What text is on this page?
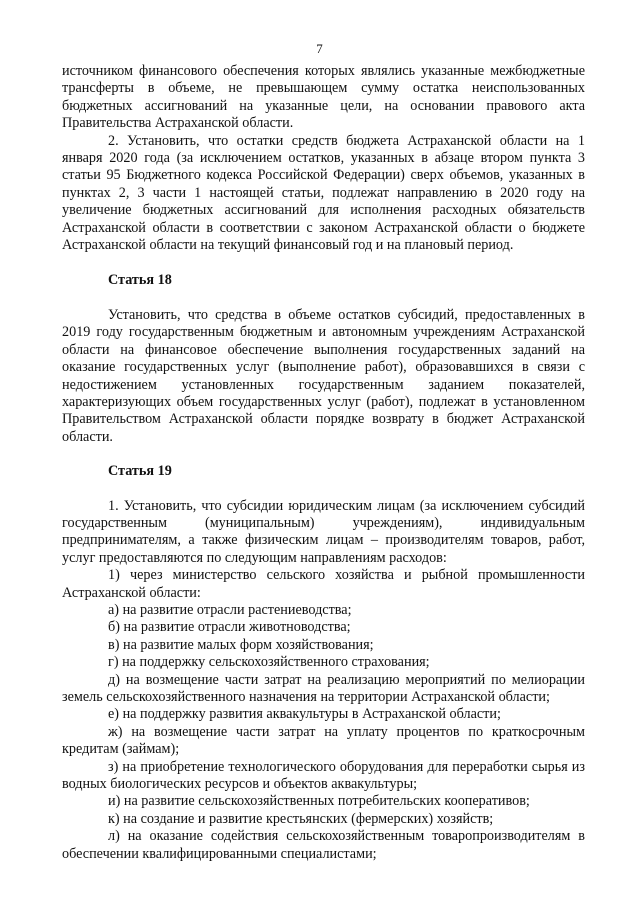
7

источником финансового обеспечения которых являлись указанные межбюджетные трансферты в объеме, не превышающем сумму остатка неиспользованных бюджетных ассигнований на указанные цели, на основании правового акта Правительства Астраханской области.

2. Установить, что остатки средств бюджета Астраханской области на 1 января 2020 года (за исключением остатков, указанных в абзаце втором пункта 3 статьи 95 Бюджетного кодекса Российской Федерации) сверх объемов, указанных в пунктах 2, 3 части 1 настоящей статьи, подлежат направлению в 2020 году на увеличение бюджетных ассигнований для исполнения расходных обязательств Астраханской области в соответствии с законом Астраханской области о бюджете Астраханской области на текущий финансовый год и на плановый период.

Статья 18

Установить, что средства в объеме остатков субсидий, предоставленных в 2019 году государственным бюджетным и автономным учреждениям Астраханской области на финансовое обеспечение выполнения государственных заданий на оказание государственных услуг (выполнение работ), образовавшихся в связи с недостижением установленных государственным заданием показателей, характеризующих объем государственных услуг (работ), подлежат в установленном Правительством Астраханской области порядке возврату в бюджет Астраханской области.

Статья 19

1. Установить, что субсидии юридическим лицам (за исключением субсидий государственным (муниципальным) учреждениям), индивидуальным предпринимателям, а также физическим лицам – производителям товаров, работ, услуг предоставляются по следующим направлениям расходов:

1) через министерство сельского хозяйства и рыбной промышленности Астраханской области:

а) на развитие отрасли растениеводства;

б) на развитие отрасли животноводства;

в) на развитие малых форм хозяйствования;

г) на поддержку сельскохозяйственного страхования;

д) на возмещение части затрат на реализацию мероприятий по мелиорации земель сельскохозяйственного назначения на территории Астраханской области;

е) на поддержку развития аквакультуры в Астраханской области;

ж) на возмещение части затрат на уплату процентов по краткосрочным кредитам (займам);

з) на приобретение технологического оборудования для переработки сырья из водных биологических ресурсов и объектов аквакультуры;

и) на развитие сельскохозяйственных потребительских кооперативов;

к) на создание и развитие крестьянских (фермерских) хозяйств;

л) на оказание содействия сельскохозяйственным товаропроизводителям в обеспечении квалифицированными специалистами;
